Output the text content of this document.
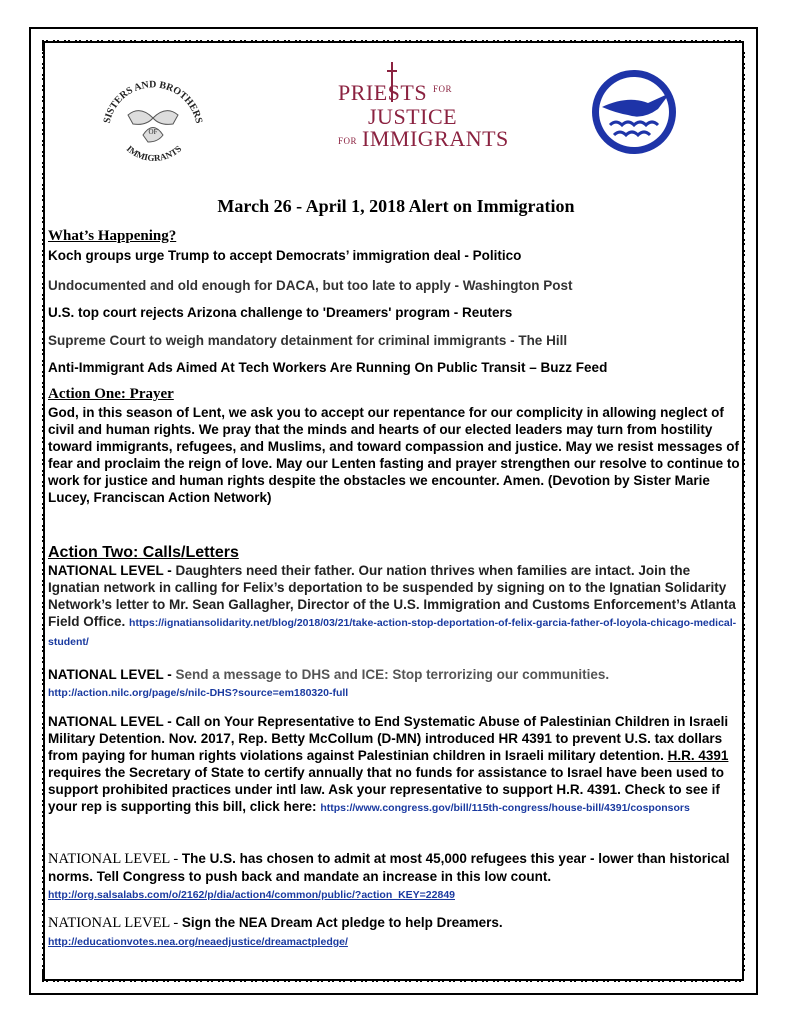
SISTERS AND BROTHERS
IMMIGRANTS
OF
PRIESTS FOR
JUSTICE
FOR IMMIGRANTS
March 26 - April 1, 2018 Alert on Immigration

What’s Happening?

Koch groups urge Trump to accept Democrats’ immigration deal - Politico

Undocumented and old enough for DACA, but too late to apply - Washington Post

U.S. top court rejects Arizona challenge to 'Dreamers' program - Reuters

Supreme Court to weigh mandatory detainment for criminal immigrants - The Hill

Anti-Immigrant Ads Aimed At Tech Workers Are Running On Public Transit – Buzz Feed

Action One: Prayer

God, in this season of Lent, we ask you to accept our repentance for our complicity in allowing neglect of civil and human rights. We pray that the minds and hearts of our elected leaders may turn from hostility toward immigrants, refugees, and Muslims, and toward compassion and justice. May we resist messages of fear and proclaim the reign of love. May our Lenten fasting and prayer strengthen our resolve to continue to work for justice and human rights despite the obstacles we encounter. Amen. (Devotion by Sister Marie Lucey, Franciscan Action Network)

Action Two: Calls/Letters

NATIONAL LEVEL - Daughters need their father. Our nation thrives when families are intact. Join the Ignatian network in calling for Felix’s deportation to be suspended by signing on to the Ignatian Solidarity Network’s letter to Mr. Sean Gallagher, Director of the U.S. Immigration and Customs Enforcement’s Atlanta Field Office. https://ignatiansolidarity.net/blog/2018/03/21/take-action-stop-deportation-of-felix-garcia-father-of-loyola-chicago-medical-student/
NATIONAL LEVEL - Send a message to DHS and ICE: Stop terrorizing our communities.
http://action.nilc.org/page/s/nilc-DHS?source=em180320-full
NATIONAL LEVEL - Call on Your Representative to End Systematic Abuse of Palestinian Children in Israeli Military Detention. Nov. 2017, Rep. Betty McCollum (D-MN) introduced HR 4391 to prevent U.S. tax dollars from paying for human rights violations against Palestinian children in Israeli military detention. H.R. 4391 requires the Secretary of State to certify annually that no funds for assistance to Israel have been used to support prohibited practices under intl law. Ask your representative to support H.R. 4391. Check to see if your rep is supporting this bill, click here: https://www.congress.gov/bill/115th-congress/house-bill/4391/cosponsors
NATIONAL LEVEL - The U.S. has chosen to admit at most 45,000 refugees this year - lower than historical norms. Tell Congress to push back and mandate an increase in this low count.
http://org.salsalabs.com/o/2162/p/dia/action4/common/public/?action_KEY=22849
NATIONAL LEVEL - Sign the NEA Dream Act pledge to help Dreamers.
http://educationvotes.nea.org/neaedjustice/dreamactpledge/
